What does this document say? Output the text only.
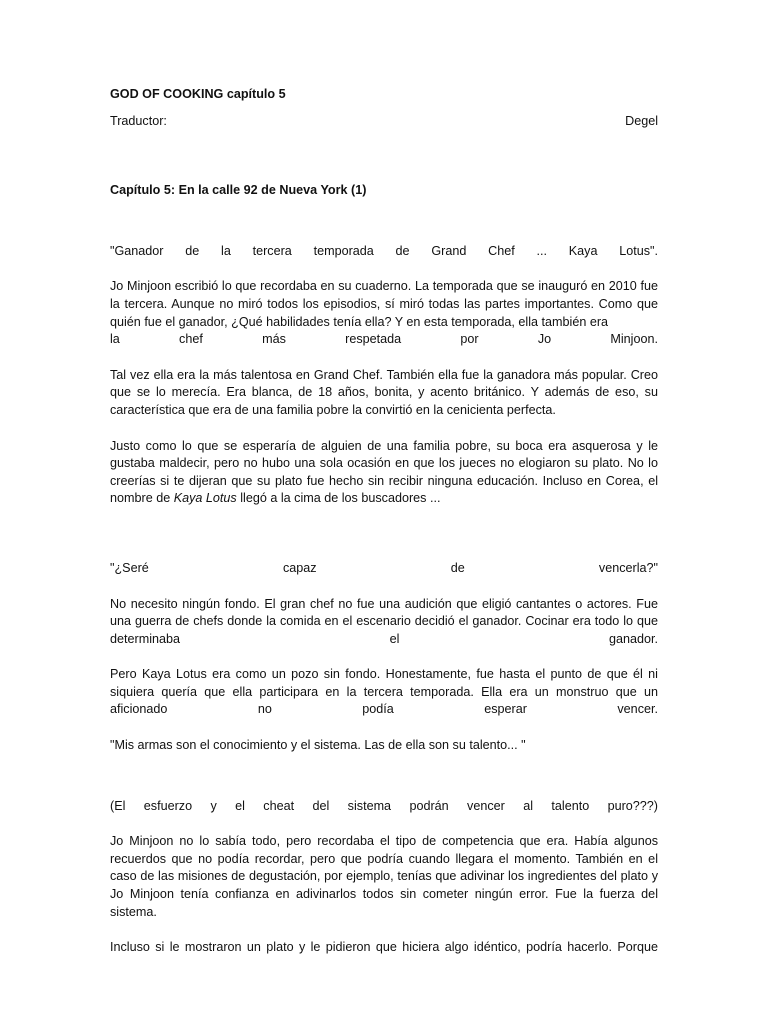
GOD OF COOKING capítulo 5

Traductor:	Degel
Capítulo 5: En la calle 92 de Nueva York (1)

"Ganador de la tercera temporada de Grand Chef ... Kaya Lotus".

Jo Minjoon escribió lo que recordaba en su cuaderno. La temporada que se inauguró en 2010 fue la tercera. Aunque no miró todos los episodios, sí miró todas las partes importantes. Como que quién fue el ganador, ¿Qué habilidades tenía ella? Y en esta temporada, ella también era

la chef más respetada por Jo Minjoon.

Tal vez ella era la más talentosa en Grand Chef. También ella fue la ganadora más popular. Creo que se lo merecía. Era blanca, de 18 años, bonita, y acento británico. Y además de eso, su característica que era de una familia pobre la convirtió en la cenicienta perfecta.

Justo como lo que se esperaría de alguien de una familia pobre, su boca era asquerosa y le gustaba maldecir, pero no hubo una sola ocasión en que los jueces no elogiaron su plato. No lo creerías si te dijeran que su plato fue hecho sin recibir ninguna educación. Incluso en Corea, el nombre de Kaya Lotus llegó a la cima de los buscadores ...

"¿Seré capaz de vencerla?"

No necesito ningún fondo. El gran chef no fue una audición que eligió cantantes o actores. Fue una guerra de chefs donde la comida en el escenario decidió el ganador. Cocinar era todo lo que determinaba el ganador.

Pero Kaya Lotus era como un pozo sin fondo. Honestamente, fue hasta el punto de que él ni siquiera quería que ella participara en la tercera temporada. Ella era un monstruo que un aficionado no podía esperar vencer.

"Mis armas son el conocimiento y el sistema. Las de ella son su talento... "

(El esfuerzo y el cheat del sistema podrán vencer al talento puro???)

Jo Minjoon no lo sabía todo, pero recordaba el tipo de competencia que era. Había algunos recuerdos que no podía recordar, pero que podría cuando llegara el momento. También en el caso de las misiones de degustación, por ejemplo, tenías que adivinar los ingredientes del plato y Jo Minjoon tenía confianza en adivinarlos todos sin cometer ningún error. Fue la fuerza del sistema.

Incluso si le mostraron un plato y le pidieron que hiciera algo idéntico, podría hacerlo. Porque
